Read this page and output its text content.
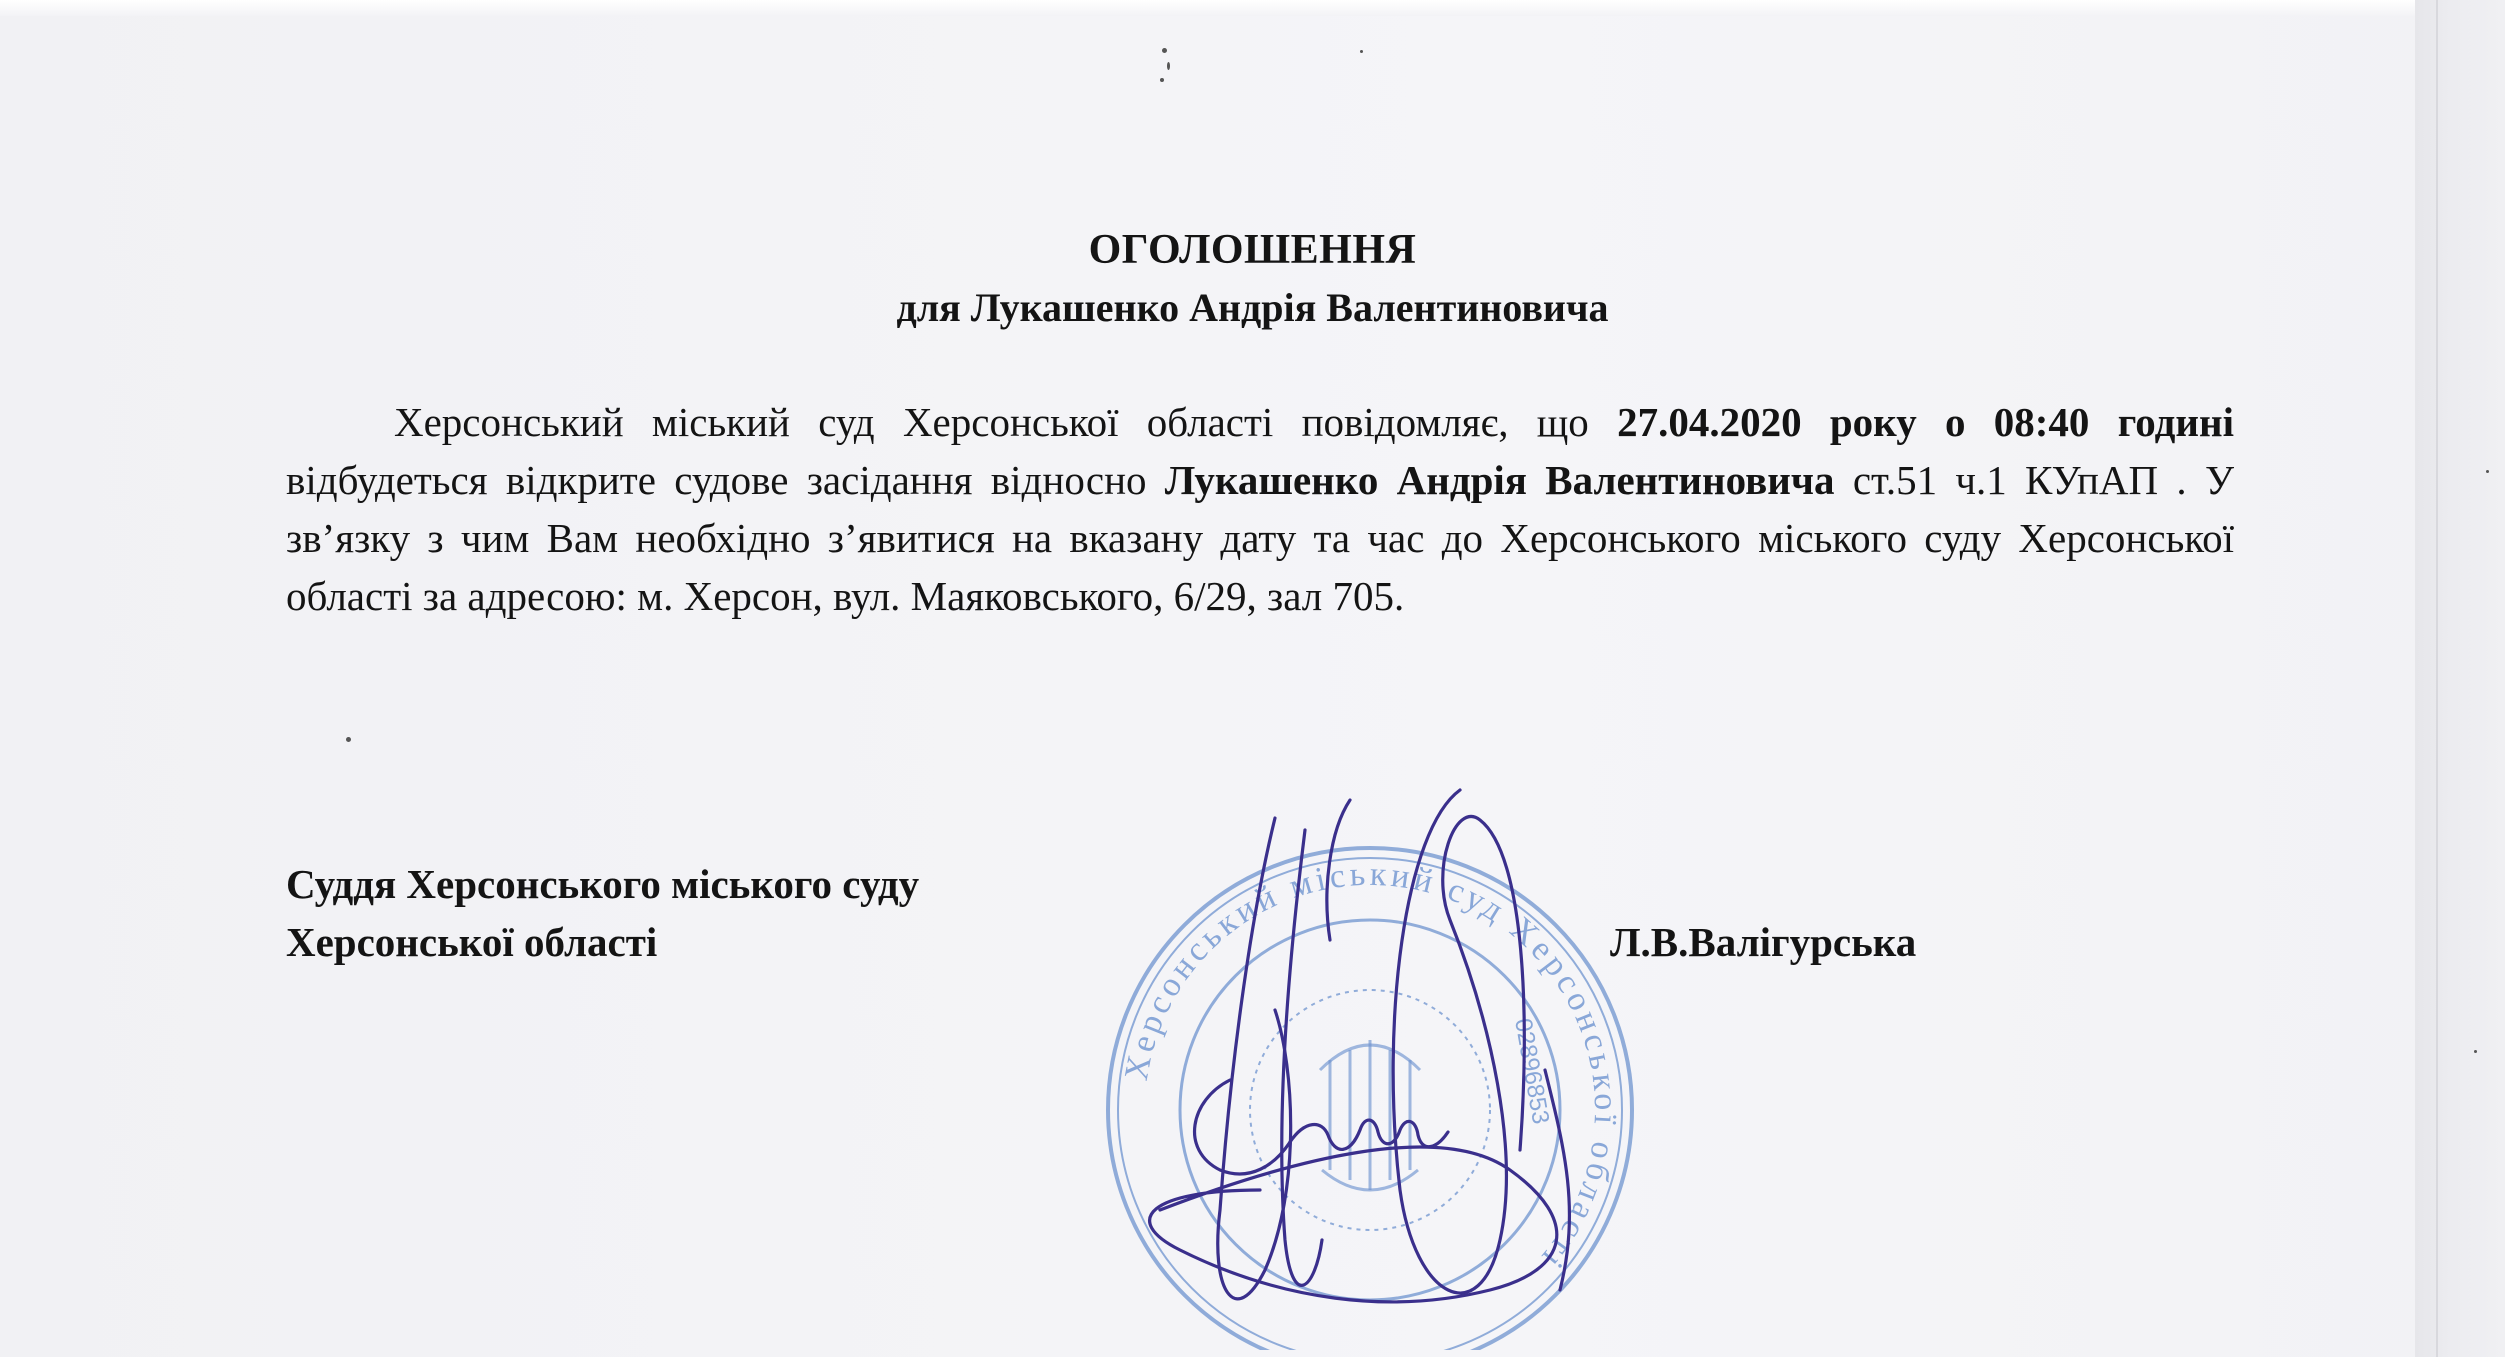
ОГОЛОШЕННЯ
для Лукашенко Андрія Валентиновича
Херсонський міський суд Херсонської області повідомляє, що 27.04.2020 року о 08:40 годині відбудеться відкрите судове засідання відносно Лукашенко Андрія Валентиновича ст.51 ч.1 КУпАП . У зв’язку з чим Вам необхідно з’явитися на вказану дату та час до Херсонського міського суду Херсонської області за адресою: м. Херсон, вул. Маяковського, 6/29, зал 705.
Суддя Херсонського міського суду
Херсонської області
Херсонський міський суд Херсонської області
02896853
Л.В.Валігурська
